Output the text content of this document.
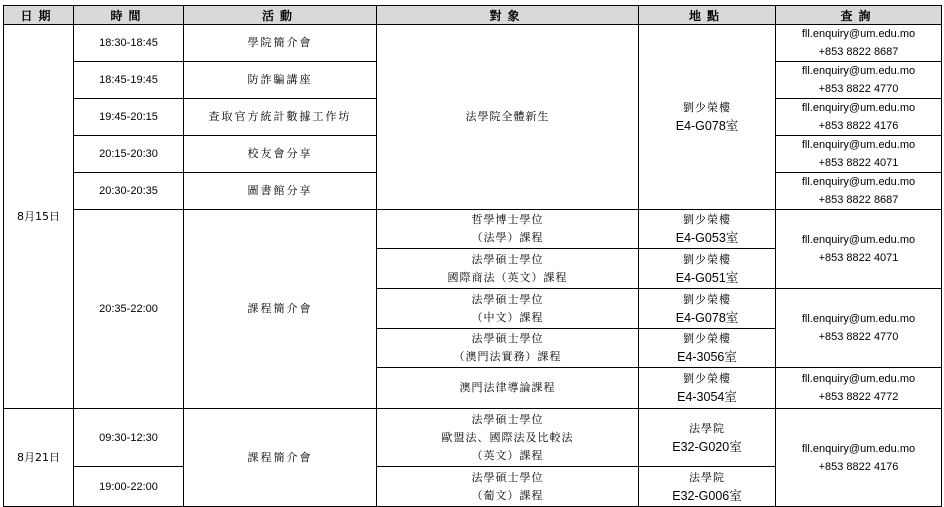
日期	時間	活動	對象	地點	查詢
8月15日	18:30-18:45	學院簡介會	法學院全體新生	劉少榮樓
E4-G078室	fll.enquiry@um.edu.mo
+853 8822 8687

	18:45-19:45	防詐騙講座			fll.enquiry@um.edu.mo
+853 8822 4770

	19:45-20:15	查取官方統計數據工作坊			fll.enquiry@um.edu.mo
+853 8822 4176

	20:15-20:30	校友會分享			fll.enquiry@um.edu.mo
+853 8822 4071

	20:30-20:35	圖書館分享			fll.enquiry@um.edu.mo
+853 8822 8687

	20:35-22:00	課程簡介會	哲學博士學位
（法學）課程	劉少榮樓
E4-G053室	fll.enquiry@um.edu.mo
+853 8822 4071

			法學碩士學位
國際商法（英文）課程	劉少榮樓
E4-G051室	

			法學碩士學位
（中文）課程	劉少榮樓
E4-G078室	fll.enquiry@um.edu.mo
+853 8822 4770

			法學碩士學位
（澳門法實務）課程	劉少榮樓
E4-3056室	

			澳門法律導論課程	劉少榮樓
E4-3054室	fll.enquiry@um.edu.mo
+853 8822 4772

8月21日	09:30-12:30	課程簡介會	法學碩士學位
歐盟法、國際法及比較法
（英文）課程	法學院
E32-G020室	fll.enquiry@um.edu.mo
+853 8822 4176

	19:00-22:00		法學碩士學位
（葡文）課程	法學院
E32-G006室	
